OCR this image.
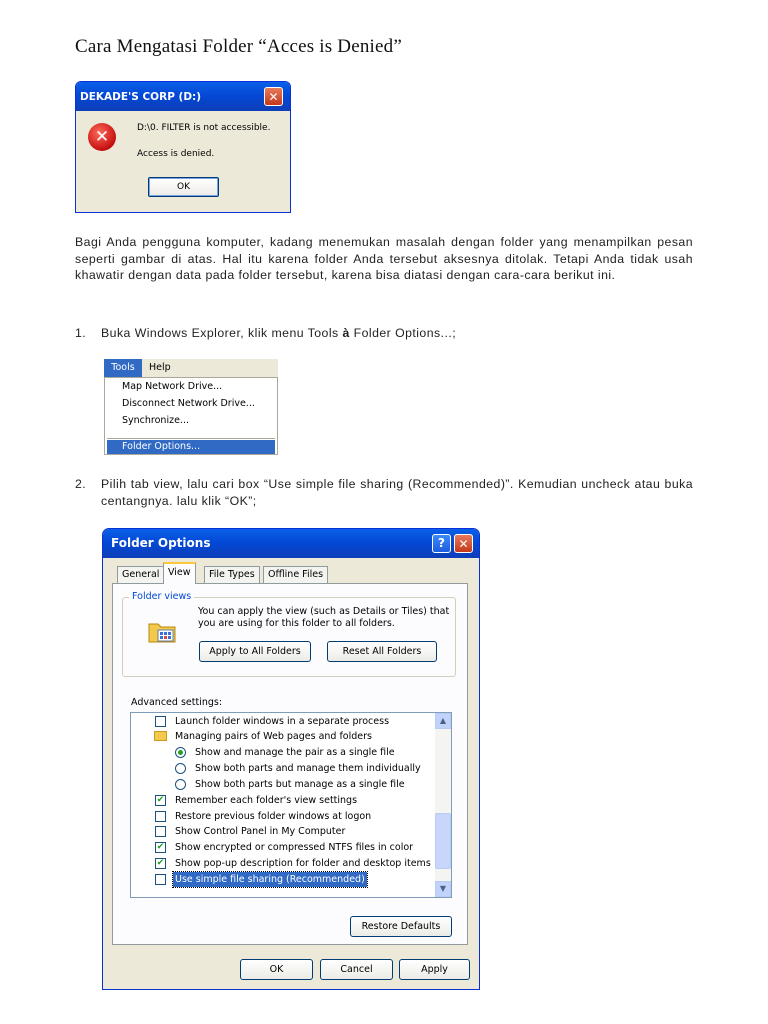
Cara Mengatasi Folder “Acces is Denied”
DEKADE'S CORP (D:)	✕
✕	D:\0. FILTER is not accessible.
Access is denied.
OK
Bagi Anda pengguna komputer, kadang menemukan masalah dengan folder yang menampilkan pesan seperti gambar di atas. Hal itu karena folder Anda tersebut aksesnya ditolak. Tetapi Anda tidak usah khawatir dengan data pada folder tersebut, karena bisa diatasi dengan cara-cara berikut ini.
1. Buka Windows Explorer, klik menu Tools à Folder Options...;
Tools	Help
Map Network Drive...
Disconnect Network Drive...
Synchronize...
Folder Options...
2. Pilih tab view, lalu cari box “Use simple file sharing (Recommended)”. Kemudian uncheck atau buka centangnya. lalu klik “OK”;
Folder Options	?	✕
General View	File Types	Offline Files
Folder views
You can apply the view (such as Details or Tiles) that you are using for this folder to all folders.
Apply to All Folders	Reset All Folders
Advanced settings:
Launch folder windows in a separate process
Managing pairs of Web pages and folders
Show and manage the pair as a single file
Show both parts and manage them individually
Show both parts but manage as a single file
✔ Remember each folder's view settings
Restore previous folder windows at logon
Show Control Panel in My Computer
✔ Show encrypted or compressed NTFS files in color
✔ Show pop-up description for folder and desktop items
Use simple file sharing (Recommended)
▲
▼
Restore Defaults
OK	Cancel	Apply
